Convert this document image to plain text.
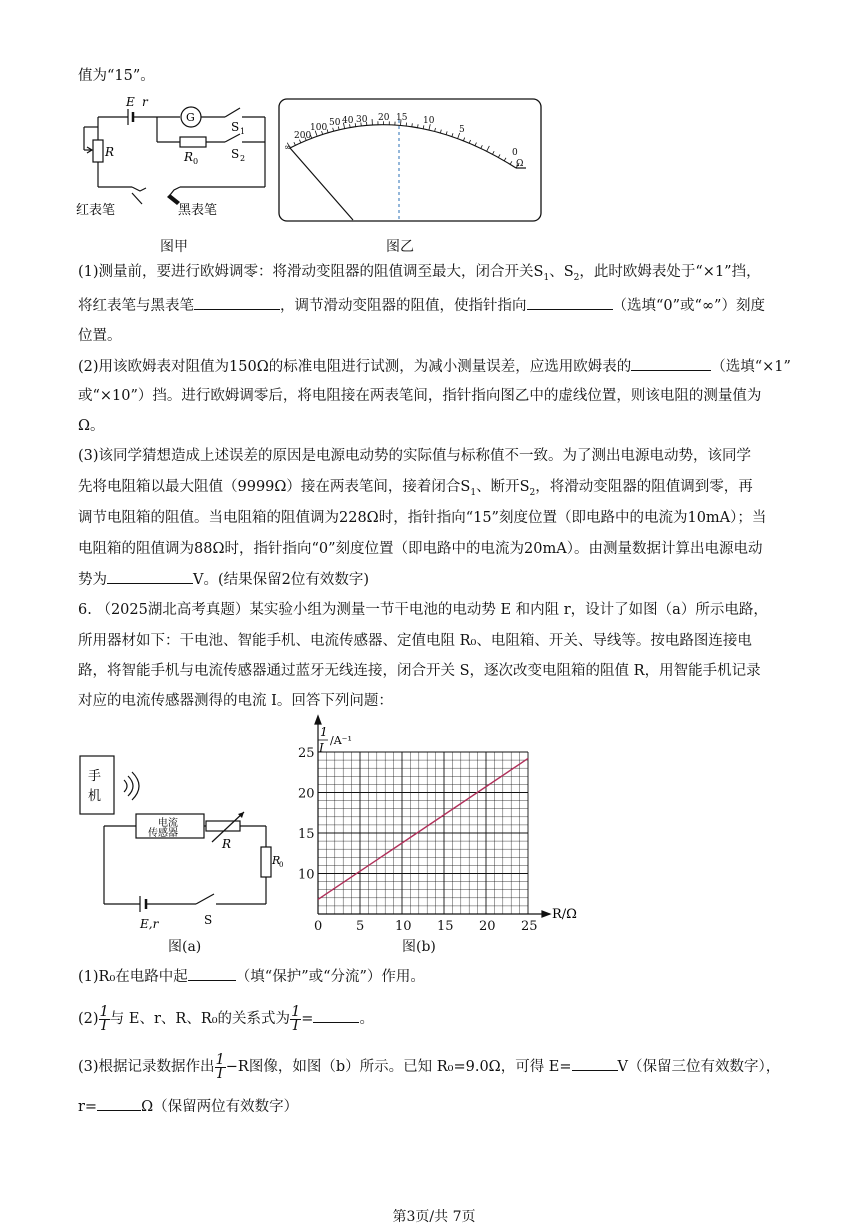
值为“15”。
E r
G
S 1
S 2
R	R 0
红表笔	黑表笔
图甲
200
100 50 40 30 20 15 10
5
0
Ω
∞
图乙
(1)测量前，要进行欧姆调零：将滑动变阻器的阻值调至最大，闭合开关$S_1$、$S_2$，此时欧姆表处于“×1”挡，
将红表笔与黑表笔	，调节滑动变阻器的阻值，使指针指向	（选填“0”或“∞”）刻度
位置。
(2)用该欧姆表对阻值为150Ω的标准电阻进行试测，为减小测量误差，应选用欧姆表的	（选填“×1”
或“×10”）挡。进行欧姆调零后，将电阻接在两表笔间，指针指向图乙中的虚线位置，则该电阻的测量值为
Ω。
(3)该同学猜想造成上述误差的原因是电源电动势的实际值与标称值不一致。为了测出电源电动势，该同学
先将电阻箱以最大阻值（9999Ω）接在两表笔间，接着闭合$S_1$、断开$S_2$，将滑动变阻器的阻值调到零，再
调节电阻箱的阻值。当电阻箱的阻值调为228Ω时，指针指向“15”刻度位置（即电路中的电流为10mA）；当
电阻箱的阻值调为88Ω时，指针指向“0”刻度位置（即电路中的电流为20mA）。由测量数据计算出电源电动
势为	V。(结果保留2位有效数字)
6. （2025湖北高考真题）某实验小组为测量一节干电池的电动势 E 和内阻 r，设计了如图（a）所示电路，
所用器材如下：干电池、智能手机、电流传感器、定值电阻 R₀、电阻箱、开关、导线等。按电路图连接电
路，将智能手机与电流传感器通过蓝牙无线连接，闭合开关 S，逐次改变电阻箱的阻值 R，用智能手机记录
对应的电流传感器测得的电流 I。回答下列问题：
手
机
电流
传感器
R
R
0
E,r	S
图(a)
0	5 10 15 20 25
10
15
20
25
1
I
/A⁻¹
R/Ω
图(b)
(1)R₀在电路中起	（填“保护”或“分流”）作用。
$(2) \frac{1}{I}$ 与 E、r、R、R₀的关系式为 $\frac{1}{I}$ =	。
(3)根据记录数据作出 $\frac{1}{I} -R$图像，如图（b）所示。已知 R₀=9.0Ω，可得 E=	V（保留三位有效数字），
r=	Ω（保留两位有效数字）
第3页/共 7页
